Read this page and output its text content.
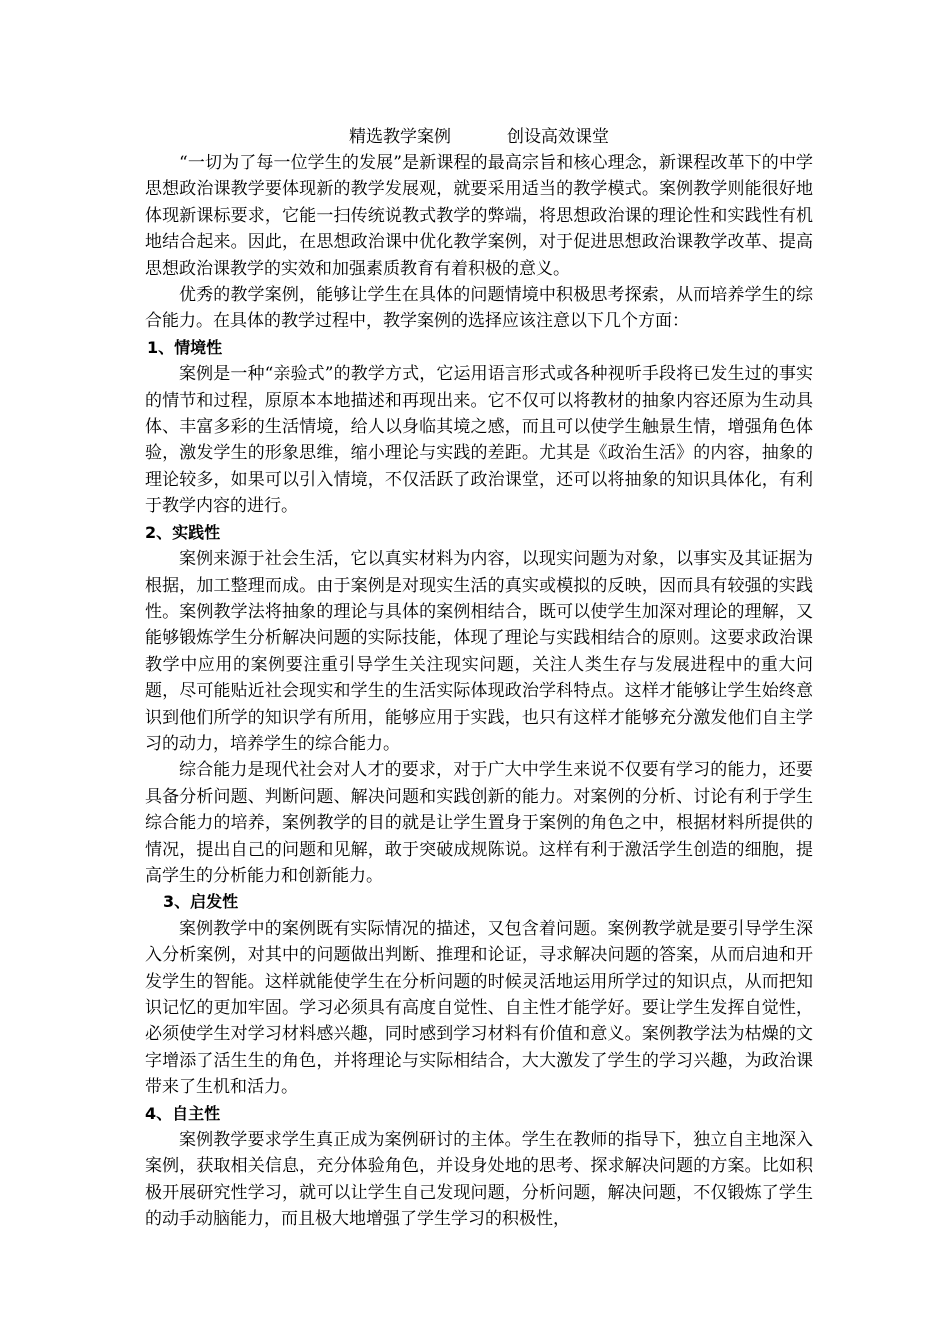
精选教学案例	创设高效课堂

“一切为了每一位学生的发展”是新课程的最高宗旨和核心理念，新课程改革下的中学思想政治课教学要体现新的教学发展观，就要采用适当的教学模式。案例教学则能很好地体现新课标要求，它能一扫传统说教式教学的弊端，将思想政治课的理论性和实践性有机地结合起来。因此，在思想政治课中优化教学案例，对于促进思想政治课教学改革、提高思想政治课教学的实效和加强素质教育有着积极的意义。

优秀的教学案例，能够让学生在具体的问题情境中积极思考探索，从而培养学生的综合能力。在具体的教学过程中，教学案例的选择应该注意以下几个方面：

1、情境性

案例是一种“亲验式”的教学方式，它运用语言形式或各种视听手段将已发生过的事实的情节和过程，原原本本地描述和再现出来。它不仅可以将教材的抽象内容还原为生动具体、丰富多彩的生活情境，给人以身临其境之感，而且可以使学生触景生情，增强角色体验，激发学生的形象思维，缩小理论与实践的差距。尤其是《政治生活》的内容，抽象的理论较多，如果可以引入情境，不仅活跃了政治课堂，还可以将抽象的知识具体化，有利于教学内容的进行。

2、实践性

案例来源于社会生活，它以真实材料为内容，以现实问题为对象，以事实及其证据为根据，加工整理而成。由于案例是对现实生活的真实或模拟的反映，因而具有较强的实践性。案例教学法将抽象的理论与具体的案例相结合，既可以使学生加深对理论的理解，又能够锻炼学生分析解决问题的实际技能，体现了理论与实践相结合的原则。这要求政治课教学中应用的案例要注重引导学生关注现实问题，关注人类生存与发展进程中的重大问题，尽可能贴近社会现实和学生的生活实际体现政治学科特点。这样才能够让学生始终意识到他们所学的知识学有所用，能够应用于实践，也只有这样才能够充分激发他们自主学习的动力，培养学生的综合能力。

综合能力是现代社会对人才的要求，对于广大中学生来说不仅要有学习的能力，还要具备分析问题、判断问题、解决问题和实践创新的能力。对案例的分析、讨论有利于学生综合能力的培养，案例教学的目的就是让学生置身于案例的角色之中，根据材料所提供的情况，提出自己的问题和见解，敢于突破成规陈说。这样有利于激活学生创造的细胞，提高学生的分析能力和创新能力。

3、启发性

案例教学中的案例既有实际情况的描述，又包含着问题。案例教学就是要引导学生深入分析案例，对其中的问题做出判断、推理和论证，寻求解决问题的答案，从而启迪和开发学生的智能。这样就能使学生在分析问题的时候灵活地运用所学过的知识点，从而把知识记忆的更加牢固。学习必须具有高度自觉性、自主性才能学好。要让学生发挥自觉性，必须使学生对学习材料感兴趣，同时感到学习材料有价值和意义。案例教学法为枯燥的文字增添了活生生的角色，并将理论与实际相结合，大大激发了学生的学习兴趣，为政治课带来了生机和活力。

4、自主性

案例教学要求学生真正成为案例研讨的主体。学生在教师的指导下，独立自主地深入案例，获取相关信息，充分体验角色，并设身处地的思考、探求解决问题的方案。比如积极开展研究性学习，就可以让学生自己发现问题，分析问题，解决问题，不仅锻炼了学生的动手动脑能力，而且极大地增强了学生学习的积极性，
